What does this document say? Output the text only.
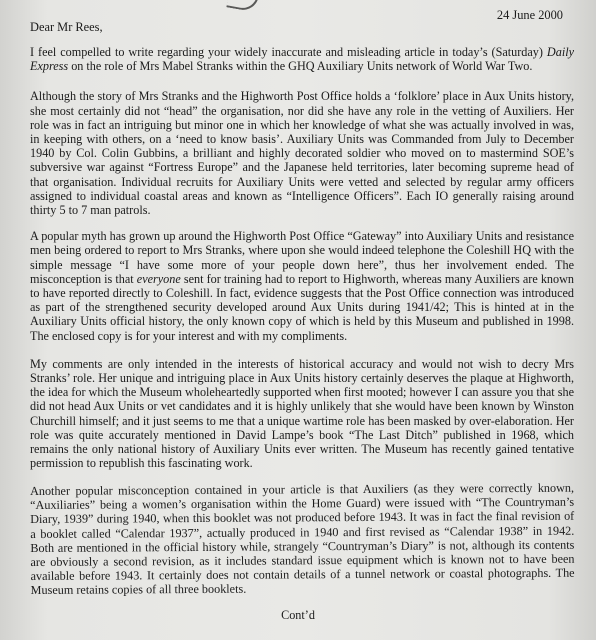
24 June 2000
Dear Mr Rees,

I feel compelled to write regarding your widely inaccurate and misleading article in today’s (Saturday) Daily Express on the role of Mrs Mabel Stranks within the GHQ Auxiliary Units network of World War Two.

Although the story of Mrs Stranks and the Highworth Post Office holds a ‘folklore’ place in Aux Units history, she most certainly did not “head” the organisation, nor did she have any role in the vetting of Auxiliers. Her role was in fact an intriguing but minor one in which her knowledge of what she was actually involved in was, in keeping with others, on a ‘need to know basis’. Auxiliary Units was Commanded from July to December 1940 by Col. Colin Gubbins, a brilliant and highly decorated soldier who moved on to mastermind SOE’s subversive war against “Fortress Europe” and the Japanese held territories, later becoming supreme head of that organisation. Individual recruits for Auxiliary Units were vetted and selected by regular army officers assigned to individual coastal areas and known as “Intelligence Officers”. Each IO generally raising around thirty 5 to 7 man patrols.

A popular myth has grown up around the Highworth Post Office “Gateway” into Auxiliary Units and resistance men being ordered to report to Mrs Stranks, where upon she would indeed telephone the Coleshill HQ with the simple message “I have some more of your people down here”, thus her involvement ended. The misconception is that everyone sent for training had to report to Highworth, whereas many Auxiliers are known to have reported directly to Coleshill. In fact, evidence suggests that the Post Office connection was introduced as part of the strengthened security developed around Aux Units during 1941/42; This is hinted at in the Auxiliary Units official history, the only known copy of which is held by this Museum and published in 1998. The enclosed copy is for your interest and with my compliments.

My comments are only intended in the interests of historical accuracy and would not wish to decry Mrs Stranks’ role. Her unique and intriguing place in Aux Units history certainly deserves the plaque at Highworth, the idea for which the Museum wholeheartedly supported when first mooted; however I can assure you that she did not head Aux Units or vet candidates and it is highly unlikely that she would have been known by Winston Churchill himself; and it just seems to me that a unique wartime role has been masked by over-elaboration. Her role was quite accurately mentioned in David Lampe’s book “The Last Ditch” published in 1968, which remains the only national history of Auxiliary Units ever written. The Museum has recently gained tentative permission to republish this fascinating work.

Another popular misconception contained in your article is that Auxiliers (as they were correctly known, “Auxiliaries” being a women’s organisation within the Home Guard) were issued with “The Countryman’s Diary, 1939” during 1940, when this booklet was not produced before 1943. It was in fact the final revision of a booklet called “Calendar 1937”, actually produced in 1940 and first revised as “Calendar 1938” in 1942. Both are mentioned in the official history while, strangely “Countryman’s Diary” is not, although its contents are obviously a second revision, as it includes standard issue equipment which is known not to have been available before 1943. It certainly does not contain details of a tunnel network or coastal photographs. The Museum retains copies of all three booklets.

Cont’d
